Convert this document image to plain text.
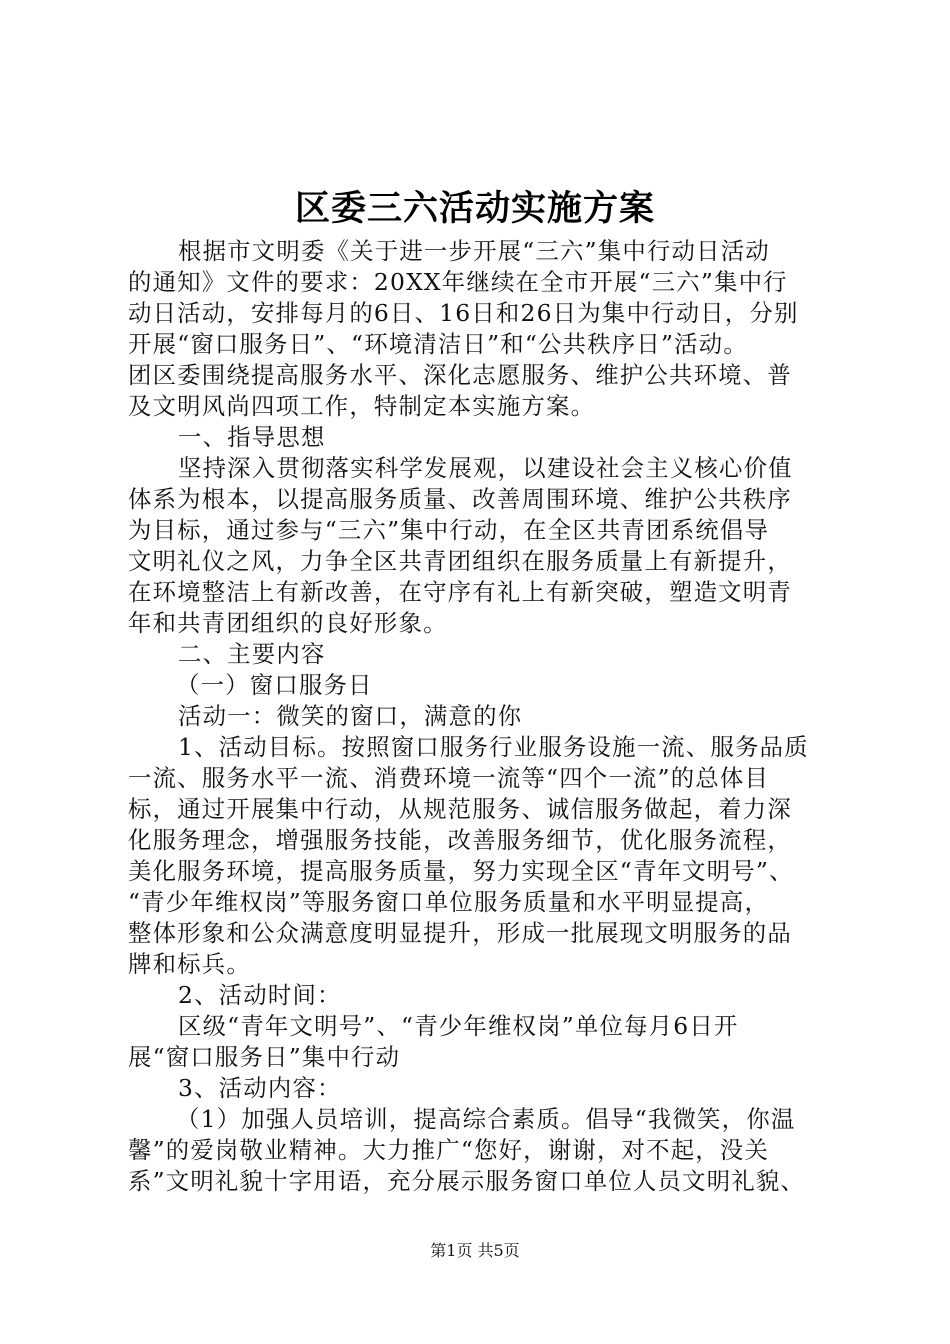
区委三六活动实施方案
根据市文明委《关于进一步开展“三六”集中行动日活动
的通知》文件的要求：20XX年继续在全市开展“三六”集中行
动日活动，安排每月的6日、16日和26日为集中行动日，分别
开展“窗口服务日”、“环境清洁日”和“公共秩序日”活动。
团区委围绕提高服务水平、深化志愿服务、维护公共环境、普
及文明风尚四项工作，特制定本实施方案。
一、指导思想
坚持深入贯彻落实科学发展观，以建设社会主义核心价值
体系为根本，以提高服务质量、改善周围环境、维护公共秩序
为目标，通过参与“三六”集中行动，在全区共青团系统倡导
文明礼仪之风，力争全区共青团组织在服务质量上有新提升，
在环境整洁上有新改善，在守序有礼上有新突破，塑造文明青
年和共青团组织的良好形象。
二、主要内容
（一）窗口服务日
活动一：微笑的窗口，满意的你
1、活动目标。按照窗口服务行业服务设施一流、服务品质
一流、服务水平一流、消费环境一流等“四个一流”的总体目
标，通过开展集中行动，从规范服务、诚信服务做起，着力深
化服务理念，增强服务技能，改善服务细节，优化服务流程，
美化服务环境，提高服务质量，努力实现全区“青年文明号”、
“青少年维权岗”等服务窗口单位服务质量和水平明显提高，
整体形象和公众满意度明显提升，形成一批展现文明服务的品
牌和标兵。
2、活动时间：
区级“青年文明号”、“青少年维权岗”单位每月6日开
展“窗口服务日”集中行动
3、活动内容：
（1）加强人员培训，提高综合素质。倡导“我微笑，你温
馨”的爱岗敬业精神。大力推广“您好，谢谢，对不起，没关
系”文明礼貌十字用语，充分展示服务窗口单位人员文明礼貌、
第1页 共5页
